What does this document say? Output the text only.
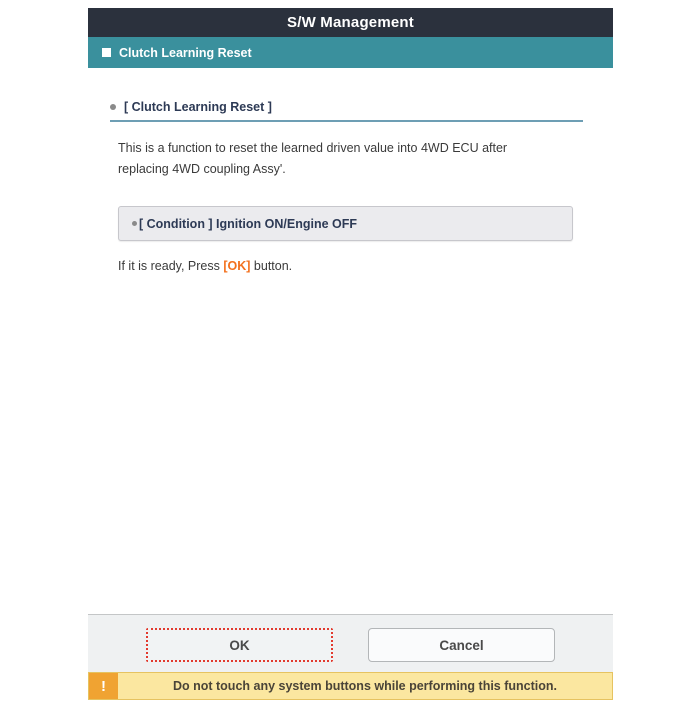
S/W Management
Clutch Learning Reset
[ Clutch Learning Reset ]

This is a function to reset the learned driven value into 4WD ECU after
replacing 4WD coupling Assy'.

[ Condition ] Ignition ON/Engine OFF

If it is ready, Press [OK] button.

OK	Cancel
!	Do not touch any system buttons while performing this function.
